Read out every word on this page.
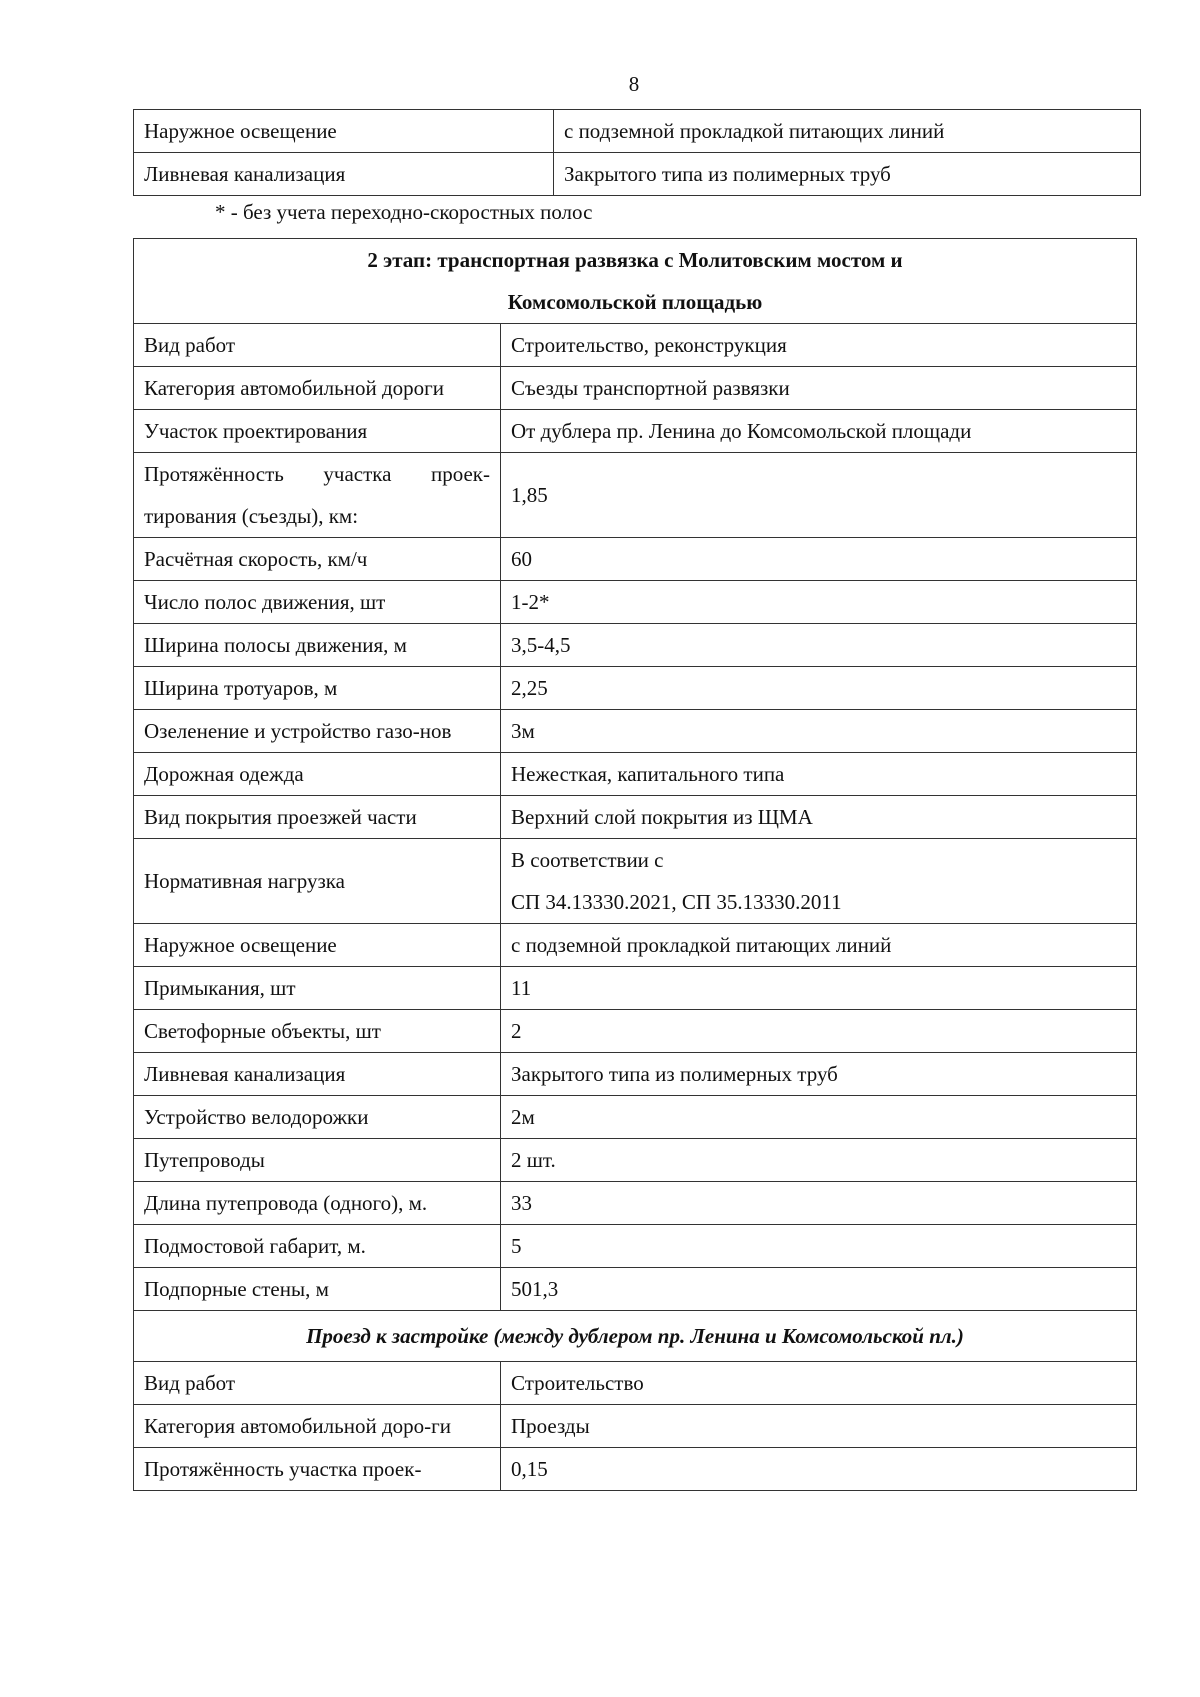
8
Наружное освещение	с подземной прокладкой питающих линий
Ливневая канализация	Закрытого типа из полимерных труб
* - без учета переходно-скоростных полос
2 этап: транспортная развязка с Молитовским мостом и
Комсомольской площадью	

Вид работ	Строительство, реконструкция
Категория автомобильной дороги	Съезды транспортной развязки
Участок проектирования	От дублера пр. Ленина до Комсомольской площади
Протяжённость участка проек-тирования (съезды), км:	1,85
Расчётная скорость, км/ч	60
Число полос движения, шт	1-2*
Ширина полосы движения, м	3,5-4,5
Ширина тротуаров, м	2,25
Озеленение и устройство газо-нов	3м
Дорожная одежда	Нежесткая, капитального типа
Вид покрытия проезжей части	Верхний слой покрытия из ЩМА
Нормативная нагрузка	В соответствии с
СП 34.13330.2021, СП 35.13330.2011

Наружное освещение	с подземной прокладкой питающих линий
Примыкания, шт	11
Светофорные объекты, шт	2
Ливневая канализация	Закрытого типа из полимерных труб
Устройство велодорожки	2м
Путепроводы	2 шт.
Длина путепровода (одного), м.	33
Подмостовой габарит, м.	5
Подпорные стены, м	501,3
Проезд к застройке (между дублером пр. Ленина и Комсомольской пл.)	
Вид работ	Строительство
Категория автомобильной доро-ги	Проезды
Протяжённость участка проек-	0,15
